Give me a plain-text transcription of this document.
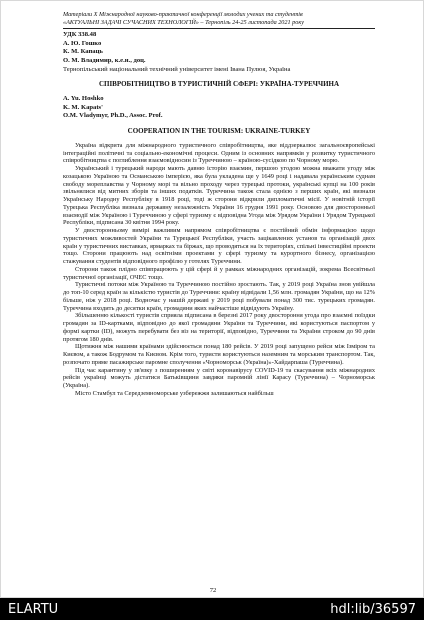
Матеріали Х Міжнародної науково-практичної конференції молодих учених та студентів
«АКТУАЛЬНІ ЗАДАЧІ СУЧАСНИХ ТЕХНОЛОГІЙ» – Тернопіль 24-25 листопада 2021 року
УДК 338.48
А. Ю. Гошко
К. М. Капаць
О. М. Владимир, к.е.н., доц.
Тернопільський національний технічний університет імені Івана Пулюя, Україна
СПІВРОБІТНИЦТВО В ТУРИСТИЧНІЙ СФЕРІ: УКРАЇНА-ТУРЕЧЧИНА
A. Yu. Hoshko
K. M. Kapats'
O.M. Vladymyr, Ph.D., Assoc. Prof.
COOPERATION IN THE TOURISM: UKRAINE-TURKEY

Україна відкрита для міжнародного туристичного співробітництва, яке віддзеркалює загальноєвропейські інтеграційні політичні та соціально-економічні процеси. Одним із основних напрямків у розвитку туристичного співробітництва є поглиблення взаємовідносин із Туреччиною – країною-сусідкою по Чорному морю.

Український і турецький народи мають давню історію взаємин, першою угодою можна вважати угоду між козацькою Україною та Османською імперією, яка була укладена ще у 1649 році і надавала українським суднам свободу мореплавства у Чорному морі та вільно проходу через турецькі протоки, українські купці на 100 років звільнялися від митних зборів та інших податків. Туреччина також стала однією з перших країн, які визнали Українську Народну Республіку в 1918 році, тоді ж сторони відкрили дипломатичні місії. У новітній історії Турецька Республіка визнала державну незалежність України 16 грудня 1991 року. Основою для двосторонньої взаємодії між Україною і Туреччиною у сфері туризму є відповідна Угода між Урядом України і Урядом Турецької Республіки, підписана 30 квітня 1994 року.

У двосторонньому вимірі важливим напрямом співробітництва є постійний обмін інформацією щодо туристичних можливостей України та Турецької Республіки, участь зацікавлених установ та організацій двох країн у туристичних виставках, ярмарках та біржах, що проводяться на їх територіях, спільні інвестиційні проекти тощо. Сторони працюють над освітніми проектами у сфері туризму та курортного бізнесу, організацією стажування студентів відповідного профілю у готелях Туреччини.

Сторони також плідно співпрацюють у цій сфері й у рамках міжнародних організацій, зокрема Всесвітньої туристичної організації, ОЧЕС тощо.

Туристичні потоки між Україною та Туреччиною постійно зростають. Так, у 2019 році Україна знов увійшла до топ-10 серед країн за кількістю туристів до Туреччини: країну відвідали 1,56 млн. громадян України, що на 12% більше, ніж у 2018 році. Водночас у нашій державі у 2019 році побували понад 300 тис. турецьких громадян. Туреччина входить до десятки країн, громадяни яких найчастіше відвідують Україну.

Збільшенню кількості туристів сприяла підписана в березні 2017 року двостороння угода про взаємні поїздки громадян за ID-картками, відповідно до якої громадяни України та Туреччини, які користуються паспортом у формі картки (ID), можуть перебувати без віз на території, відповідно, Туреччини та України строком до 90 днів протягом 180 днів.

Щотижня між нашими країнами здійснюється понад 180 рейсів. У 2019 році запущено рейси між Ізміром та Києвом, а також Бодрумом та Києвом. Крім того, туристи користуються наземним та морським транспортом. Так, розпочато пряме пасажирське паромне сполучення «Чорноморськ (Україна)»-Хайдарпаша (Туреччина).

Під час карантину у зв'язку з поширенням у світі коронавірусу COVID-19 та скасування всіх міжнародних рейсів українці можуть дістатися Батьківщини завдяки паромній лінії Карасу (Туреччина) – Чорноморськ (Україна).

Місто Стамбул та Середземноморське узбережжя залишаються найбільш

72
ELARTU	hdl:lib/36597
